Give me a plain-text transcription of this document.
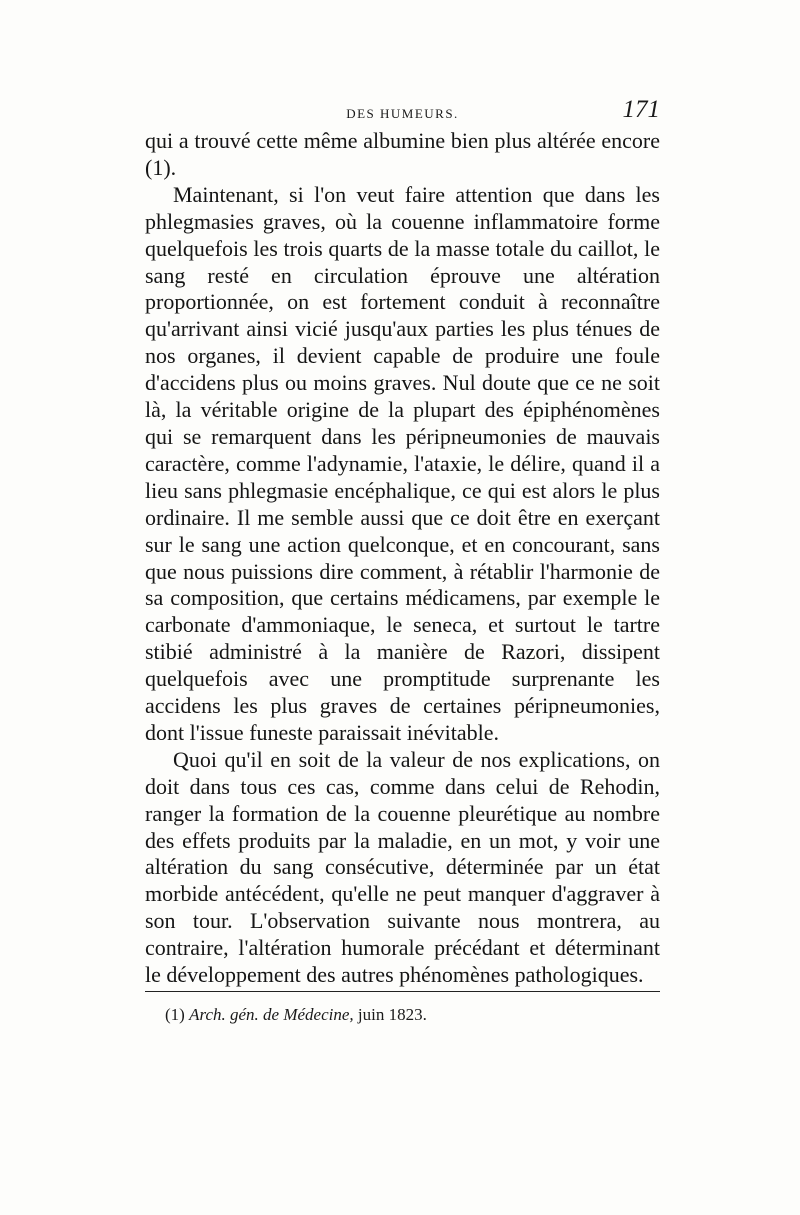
DES HUMEURS.	171

qui a trouvé cette même albumine bien plus altérée encore (1).

Maintenant, si l'on veut faire attention que dans les phlegmasies graves, où la couenne inflammatoire forme quelquefois les trois quarts de la masse totale du caillot, le sang resté en circulation éprouve une altération proportionnée, on est fortement conduit à reconnaître qu'arrivant ainsi vicié jusqu'aux parties les plus ténues de nos organes, il devient capable de produire une foule d'accidens plus ou moins graves. Nul doute que ce ne soit là, la véritable origine de la plupart des épiphénomènes qui se remarquent dans les péripneumonies de mauvais caractère, comme l'adynamie, l'ataxie, le délire, quand il a lieu sans phlegmasie encéphalique, ce qui est alors le plus ordinaire. Il me semble aussi que ce doit être en exerçant sur le sang une action quelconque, et en concourant, sans que nous puissions dire comment, à rétablir l'harmonie de sa composition, que certains médicamens, par exemple le carbonate d'ammoniaque, le seneca, et surtout le tartre stibié administré à la manière de Razori, dissipent quelquefois avec une promptitude surprenante les accidens les plus graves de certaines péripneumonies, dont l'issue funeste paraissait inévitable.

Quoi qu'il en soit de la valeur de nos explications, on doit dans tous ces cas, comme dans celui de Rehodin, ranger la formation de la couenne pleurétique au nombre des effets produits par la maladie, en un mot, y voir une altération du sang consécutive, déterminée par un état morbide antécédent, qu'elle ne peut manquer d'aggraver à son tour. L'observation suivante nous montrera, au contraire, l'altération humorale précédant et déterminant le développement des autres phénomènes pathologiques.

(1) Arch. gén. de Médecine, juin 1823.
